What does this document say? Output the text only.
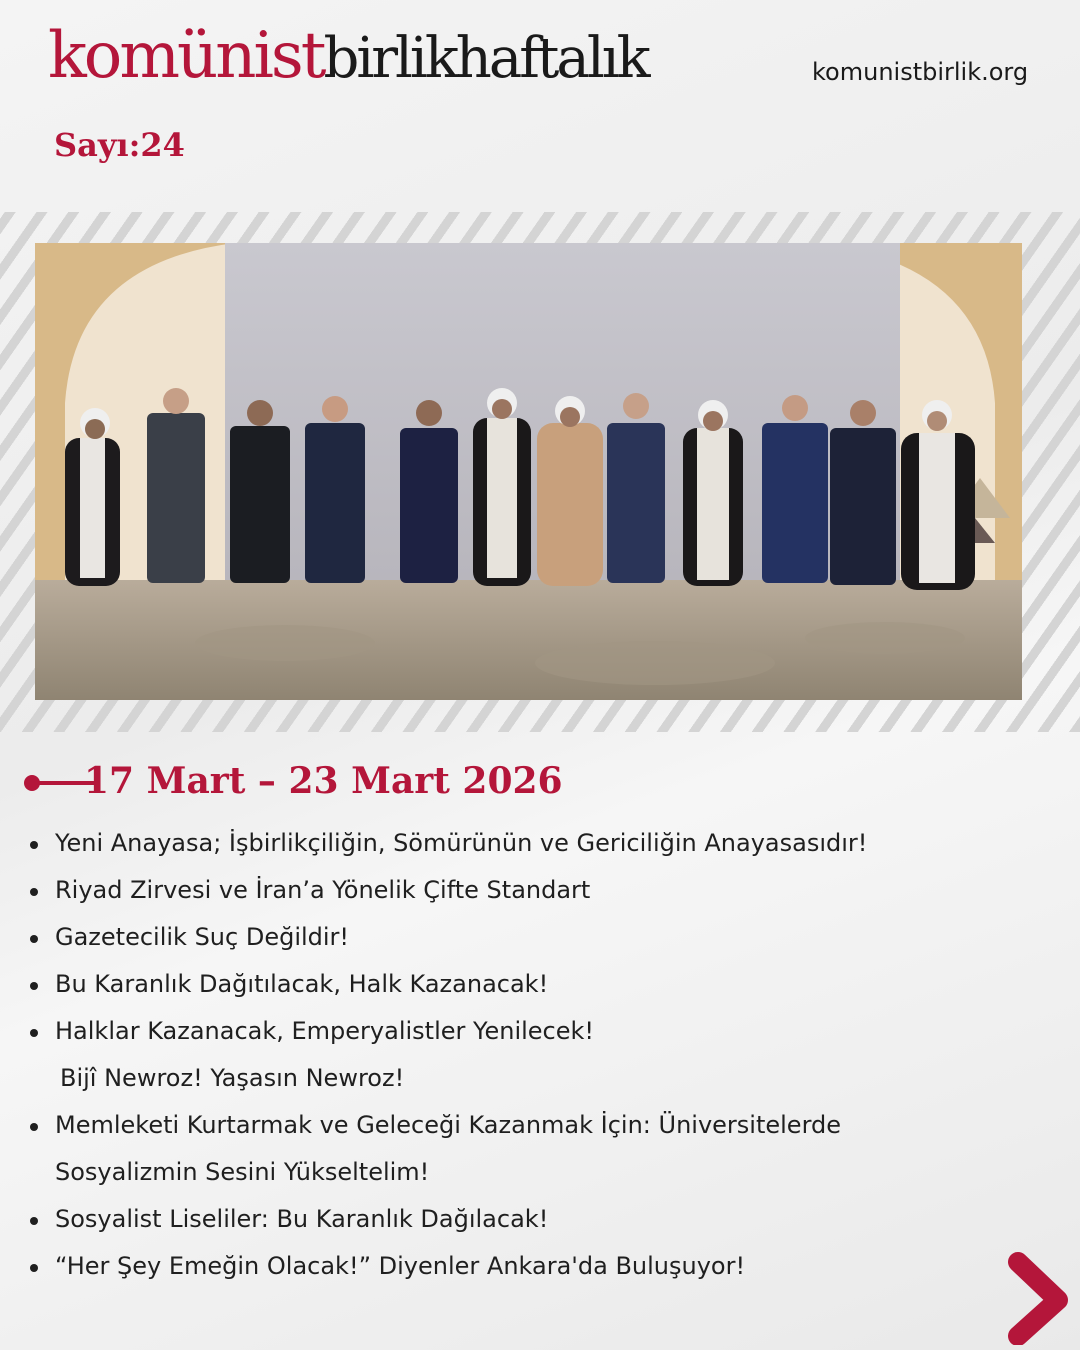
komünistbirlikhaftalık	komunistbirlik.org
Sayı:24
17 Mart – 23 Mart 2026
Yeni Anayasa; İşbirlikçiliğin, Sömürünün ve Gericiliğin Anayasasıdır!
Riyad Zirvesi ve İran’a Yönelik Çifte Standart
Gazetecilik Suç Değildir!
Bu Karanlık Dağıtılacak, Halk Kazanacak!
Halklar Kazanacak, Emperyalistler Yenilecek!
Bijî Newroz! Yaşasın Newroz!
Memleketi Kurtarmak ve Geleceği Kazanmak İçin: Üniversitelerde
Sosyalizmin Sesini Yükseltelim!
Sosyalist Liseliler: Bu Karanlık Dağılacak!
“Her Şey Emeğin Olacak!” Diyenler Ankara'da Buluşuyor!
